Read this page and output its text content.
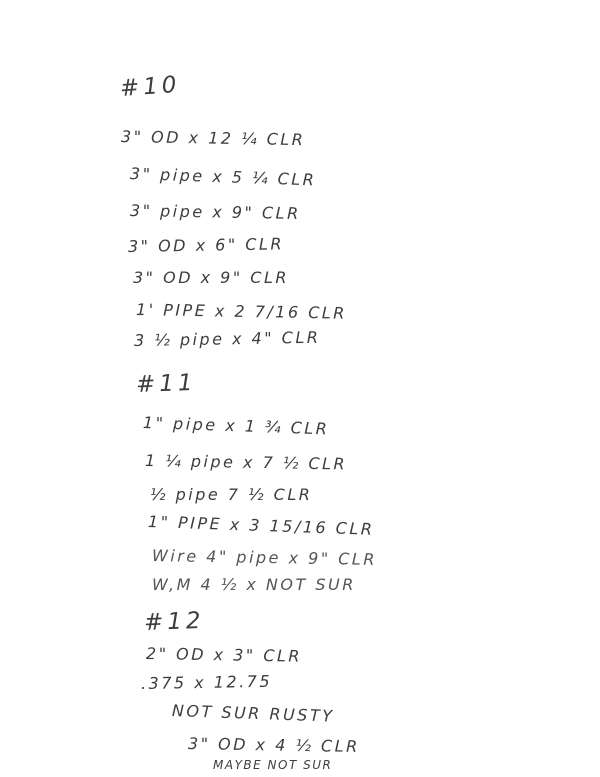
#10
3" OD x 12 ¼ CLR
3" pipe x 5 ¼ CLR
3" pipe x 9" CLR
3" OD x 6" CLR
3" OD x 9" CLR
1' PIPE x 2 7/16 CLR
3 ½ pipe x 4" CLR
#11
1" pipe x 1 ¾ CLR
1 ¼ pipe x 7 ½ CLR
½ pipe 7 ½ CLR
1" PIPE x 3 15/16 CLR
Wire 4" pipe x 9" CLR
W,M 4 ½ x NOT SUR
#12
2" OD x 3" CLR
.375 x 12.75
NOT SUR RUSTY
3" OD x 4 ½ CLR
MAYBE NOT SUR
